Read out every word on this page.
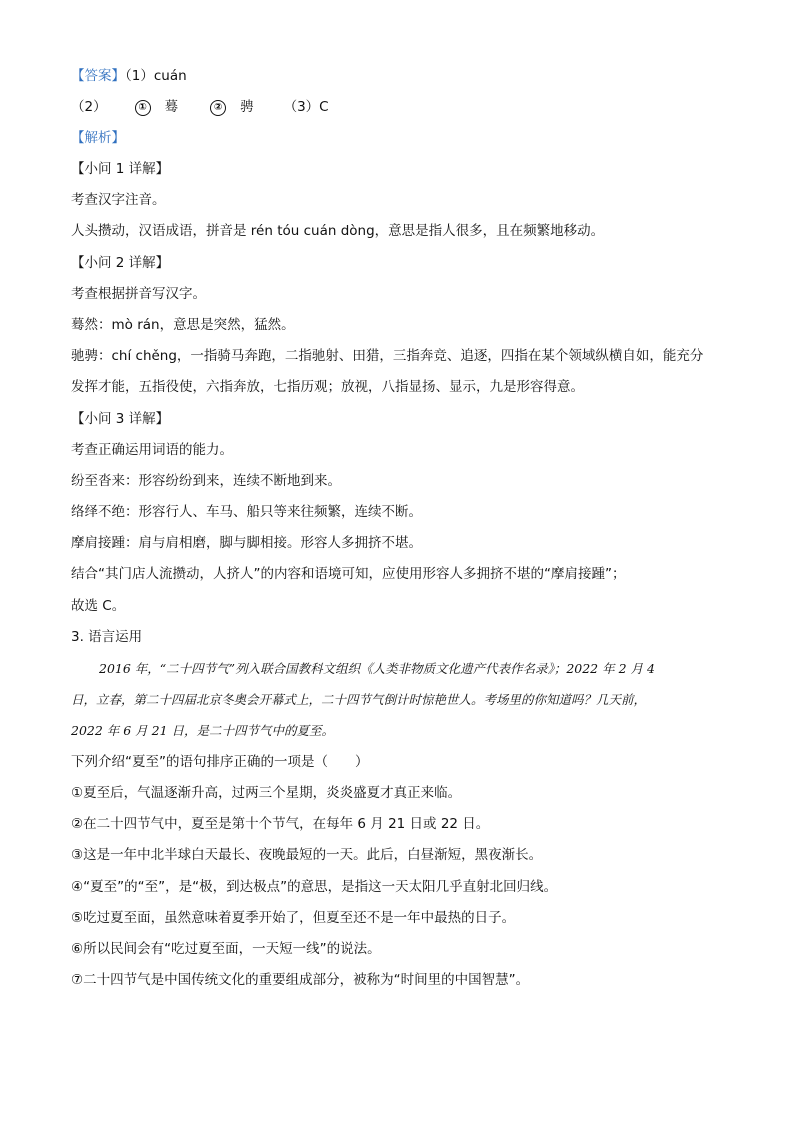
【答案】（1）cuán
（2）	① 蓦	② 骋 （3）C
【解析】
【小问 1 详解】
考查汉字注音。
人头攒动，汉语成语，拼音是 rén tóu cuán dòng，意思是指人很多，且在频繁地移动。
【小问 2 详解】
考查根据拼音写汉字。
蓦然：mò rán，意思是突然，猛然。
驰骋：chí chěng，一指骑马奔跑，二指驰射、田猎，三指奔竞、追逐，四指在某个领域纵横自如，能充分
发挥才能，五指役使，六指奔放，七指历观；放视，八指显扬、显示，九是形容得意。
【小问 3 详解】
考查正确运用词语的能力。
纷至沓来：形容纷纷到来，连续不断地到来。
络绎不绝：形容行人、车马、船只等来往频繁，连续不断。
摩肩接踵：肩与肩相磨，脚与脚相接。形容人多拥挤不堪。
结合“其门店人流攒动，人挤人”的内容和语境可知，应使用形容人多拥挤不堪的“摩肩接踵”；
故选 C。
3. 语言运用
2016 年，“二十四节气”列入联合国教科文组织《人类非物质文化遗产代表作名录》；2022 年 2 月 4
日，立春，第二十四届北京冬奥会开幕式上，二十四节气倒计时惊艳世人。考场里的你知道吗？几天前，
2022 年 6 月 21 日，是二十四节气中的夏至。
下列介绍“夏至”的语句排序正确的一项是（　　）
①夏至后，气温逐渐升高，过两三个星期，炎炎盛夏才真正来临。
②在二十四节气中，夏至是第十个节气，在每年 6 月 21 日或 22 日。
③这是一年中北半球白天最长、夜晚最短的一天。此后，白昼渐短，黑夜渐长。
④“夏至”的“至”，是“极，到达极点”的意思，是指这一天太阳几乎直射北回归线。
⑤吃过夏至面，虽然意味着夏季开始了，但夏至还不是一年中最热的日子。
⑥所以民间会有“吃过夏至面，一天短一线”的说法。
⑦二十四节气是中国传统文化的重要组成部分，被称为“时间里的中国智慧”。
